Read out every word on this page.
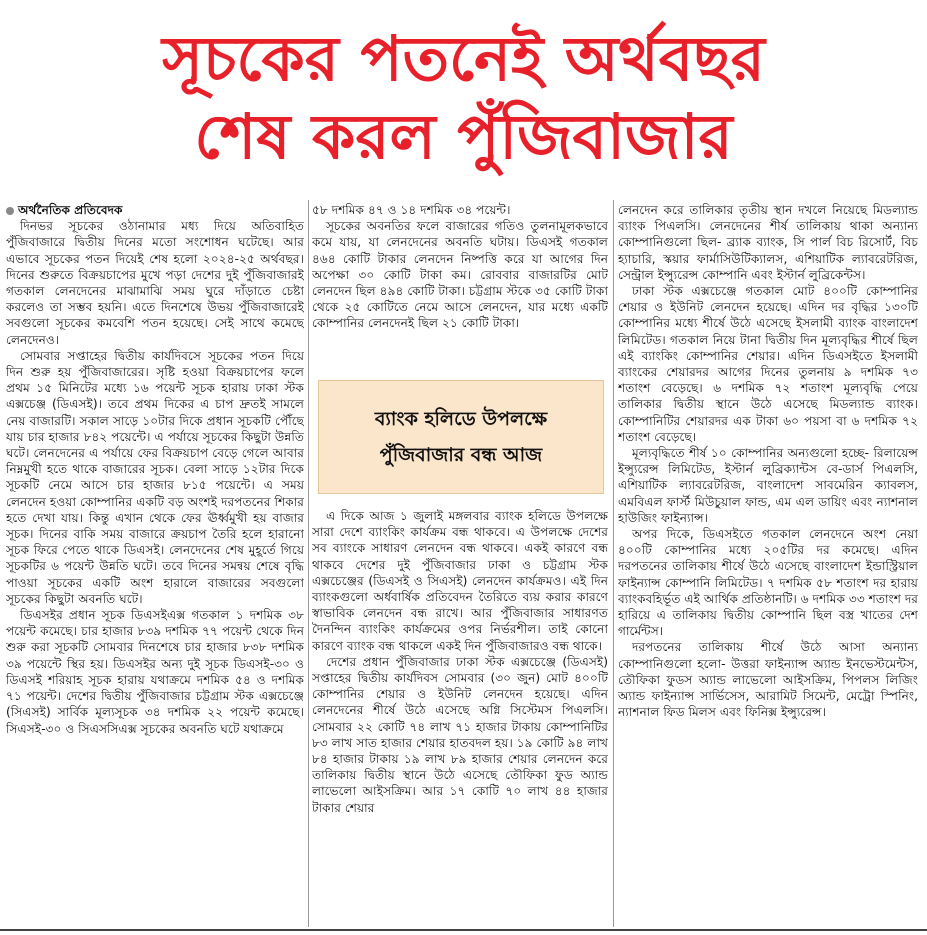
সূচকের পতনেই অর্থবছর
শেষ করল পুঁজিবাজার

অর্থনৈতিক প্রতিবেদক

দিনভর সূচকের ওঠানামার মধ্য দিয়ে অতিবাহিত পুঁজিবাজারে দ্বিতীয় দিনের মতো সংশোধন ঘটেছে। আর এভাবে সূচকের পতন দিয়েই শেষ হলো ২০২৪-২৫ অর্থবছর। দিনের শুরুতে বিক্রয়চাপের মুখে পড়া দেশের দুই পুঁজিবাজারই গতকাল লেনদেনের মাঝামাঝি সময় ঘুরে দাঁড়াতে চেষ্টা করলেও তা সম্ভব হয়নি। এতে দিনশেষে উভয় পুঁজিবাজারেই সবগুলো সূচকের কমবেশি পতন হয়েছে। সেই সাথে কমেছে লেনদেনও।

সোমবার সপ্তাহের দ্বিতীয় কার্যদিবসে সূচকের পতন দিয়ে দিন শুরু হয় পুঁজিবাজারের। সৃষ্টি হওয়া বিক্রয়চাপের ফলে প্রথম ১৫ মিনিটের মধ্যে ১৬ পয়েন্ট সূচক হারায় ঢাকা স্টক এক্সচেঞ্জ (ডিএসই)। তবে প্রথম দিকের এ চাপ দ্রুতই সামলে নেয় বাজারটি। সকাল সাড়ে ১০টার দিকে প্রধান সূচকটি পৌঁছে যায় চার হাজার ৮৪২ পয়েন্টে। এ পর্যায়ে সূচকের কিছুটা উন্নতি ঘটে। লেনদেনের এ পর্যায়ে ফের বিক্রয়চাপ বেড়ে গেলে আবার নিম্নমুখী হতে থাকে বাজারের সূচক। বেলা সাড়ে ১২টার দিকে সূচকটি নেমে আসে চার হাজার ৮১৫ পয়েন্টে। এ সময় লেনদেন হওয়া কোম্পানির একটি বড় অংশই দরপতনের শিকার হতে দেখা যায়। কিন্তু এখান থেকে ফের ঊর্ধ্বমুখী হয় বাজার সূচক। দিনের বাকি সময় বাজারে ক্রয়চাপ তৈরি হলে হারানো সূচক ফিরে পেতে থাকে ডিএসই। লেনদেনের শেষ মুহূর্তে গিয়ে সূচকটির ৬ পয়েন্ট উন্নতি ঘটে। তবে দিনের সমন্বয় শেষে বৃদ্ধি পাওয়া সূচকের একটি অংশ হারালে বাজারের সবগুলো সূচকের কিছুটা অবনতি ঘটে।

ডিএসইর প্রধান সূচক ডিএসইএক্স গতকাল ১ দশমিক ৩৮ পয়েন্ট কমেছে। চার হাজার ৮৩৯ দশমিক ৭৭ পয়েন্ট থেকে দিন শুরু করা সূচকটি সোমবার দিনশেষে চার হাজার ৮৩৮ দশমিক ৩৯ পয়েন্টে স্থির হয়। ডিএসইর অন্য দুই সূচক ডিএসই-৩০ ও ডিএসই শরিয়াহ সূচক হারায় যথাক্রমে দশমিক ৫৪ ও দশমিক ৭১ পয়েন্ট। দেশের দ্বিতীয় পুঁজিবাজার চট্টগ্রাম স্টক এক্সচেঞ্জে (সিএসই) সার্বিক মূল্যসূচক ৩৪ দশমিক ২২ পয়েন্ট কমেছে। সিএসই-৩০ ও সিএসসিএক্স সূচকের অবনতি ঘটে যথাক্রমে

৫৮ দশমিক ৪৭ ও ১৪ দশমিক ৩৪ পয়েন্ট।

সূচকের অবনতির ফলে বাজারের গতিও তুলনামূলকভাবে কমে যায়, যা লেনদেনের অবনতি ঘটায়। ডিএসই গতকাল ৪৬৪ কোটি টাকার লেনদেন নিষ্পত্তি করে যা আগের দিন অপেক্ষা ৩০ কোটি টাকা কম। রোববার বাজারটির মোট লেনদেন ছিল ৪৯৪ কোটি টাকা। চট্টগ্রাম স্টকে ৩৫ কোটি টাকা থেকে ২৫ কোটিতে নেমে আসে লেনদেন, যার মধ্যে একটি কোম্পানির লেনদেনই ছিল ২১ কোটি টাকা।

ব্যাংক হলিডে উপলক্ষে
পুঁজিবাজার বন্ধ আজ

এ দিকে আজ ১ জুলাই মঙ্গলবার ব্যাংক হলিডে উপলক্ষে সারা দেশে ব্যাংকিং কার্যক্রম বন্ধ থাকবে। এ উপলক্ষে দেশের সব ব্যাংকে সাধারণ লেনদেন বন্ধ থাকবে। একই কারণে বন্ধ থাকবে দেশের দুই পুঁজিবাজার ঢাকা ও চট্টগ্রাম স্টক এক্সচেঞ্জের (ডিএসই ও সিএসই) লেনদেন কার্যক্রমও। এই দিন ব্যাংকগুলো অর্ধবার্ষিক প্রতিবেদন তৈরিতে ব্যয় করার কারণে স্বাভাবিক লেনদেন বন্ধ রাখে। আর পুঁজিবাজার সাধারণত দৈনন্দিন ব্যাংকিং কার্যক্রমের ওপর নির্ভরশীল। তাই কোনো কারণে ব্যাংক বন্ধ থাকলে একই দিন পুঁজিবাজারও বন্ধ থাকে।

দেশের প্রধান পুঁজিবাজার ঢাকা স্টক এক্সচেঞ্জে (ডিএসই) সপ্তাহের দ্বিতীয় কার্যদিবস সোমবার (৩০ জুন) মোট ৪০০টি কোম্পানির শেয়ার ও ইউনিট লেনদেন হয়েছে। এদিন লেনদেনের শীর্ষে উঠে এসেছে অগ্নি সিস্টেমস পিএলসি। সোমবার ২২ কোটি ৭৪ লাখ ৭১ হাজার টাকায় কোম্পানিটির ৮৩ লাখ সাত হাজার শেয়ার হাতবদল হয়। ১৯ কোটি ৯৪ লাখ ৮৪ হাজার টাকায় ১৯ লাখ ৮৯ হাজার শেয়ার লেনদেন করে তালিকায় দ্বিতীয় স্থানে উঠে এসেছে তৌফিকা ফুড অ্যান্ড লাভেলো আইসক্রিম। আর ১৭ কোটি ৭০ লাখ ৪৪ হাজার টাকার শেয়ার

লেনদেন করে তালিকার তৃতীয় স্থান দখলে নিয়েছে মিডল্যান্ড ব্যাংক পিএলসি। লেনদেনের শীর্ষ তালিকায় থাকা অন্যান্য কোম্পানিগুলো ছিল- ব্র্যাক ব্যাংক, সি পার্ল বিচ রিসোর্ট, বিচ হ্যাচারি, স্কয়ার ফার্মাসিউটিক্যালস, এশিয়াটিক ল্যাবরেটরিজ, সেন্ট্রাল ইন্স্যুরেন্স কোম্পানি এবং ইস্টার্ন লুব্রিকেন্টস।

ঢাকা স্টক এক্সচেঞ্জে গতকাল মোট ৪০০টি কোম্পানির শেয়ার ও ইউনিট লেনদেন হয়েছে। এদিন দর বৃদ্ধির ১৩০টি কোম্পানির মধ্যে শীর্ষে উঠে এসেছে ইসলামী ব্যাংক বাংলাদেশ লিমিটেড। গতকাল নিয়ে টানা দ্বিতীয় দিন মূল্যবৃদ্ধির শীর্ষে ছিল এই ব্যাংকিং কোম্পানির শেয়ার। এদিন ডিএসইতে ইসলামী ব্যাংকের শেয়ারদর আগের দিনের তুলনায় ৯ দশমিক ৭৩ শতাংশ বেড়েছে। ৬ দশমিক ৭২ শতাংশ মূল্যবৃদ্ধি পেয়ে তালিকার দ্বিতীয় স্থানে উঠে এসেছে মিডল্যান্ড ব্যাংক। কোম্পানিটির শেয়ারদর এক টাকা ৬০ পয়সা বা ৬ দশমিক ৭২ শতাংশ বেড়েছে।

মূল্যবৃদ্ধিতে শীর্ষ ১০ কোম্পানির অন্যগুলো হচ্ছে- রিলায়েন্স ইন্স্যুরেন্স লিমিটেড, ইস্টার্ন লুব্রিক্যান্টস বে-ডার্স পিএলসি, এশিয়াটিক ল্যাবরেটরিজ, বাংলাদেশ সাবমেরিন ক্যাবলস, এমবিএল ফার্স্ট মিউচুয়াল ফান্ড, এম এল ডায়িং এবং ন্যাশনাল হাউজিং ফাইন্যান্স।

অপর দিকে, ডিএসইতে গতকাল লেনদেনে অংশ নেয়া ৪০০টি কোম্পানির মধ্যে ২০৫টির দর কমেছে। এদিন দরপতনের তালিকায় শীর্ষে উঠে এসেছে বাংলাদেশ ইন্ডাস্ট্রিয়াল ফাইন্যান্স কোম্পানি লিমিটেড। ৭ দশমিক ৫৮ শতাংশ দর হারায় ব্যাংকবহির্ভূত এই আর্থিক প্রতিষ্ঠানটি। ৬ দশমিক ৩৩ শতাংশ দর হারিয়ে এ তালিকায় দ্বিতীয় কোম্পানি ছিল বস্ত্র খাতের দেশ গার্মেন্টস।

দরপতনের তালিকায় শীর্ষে উঠে আসা অন্যান্য কোম্পানিগুলো হলো- উত্তরা ফাইন্যান্স অ্যান্ড ইনভেস্টমেন্টস, তৌফিকা ফুডস অ্যান্ড লাভেলো আইসক্রিম, পিপলস লিজিং অ্যান্ড ফাইন্যান্স সার্ভিসেস, আরামিট সিমেন্ট, মেট্রো স্পিনিং, ন্যাশনাল ফিড মিলস এবং ফিনিক্স ইন্স্যুরেন্স।
